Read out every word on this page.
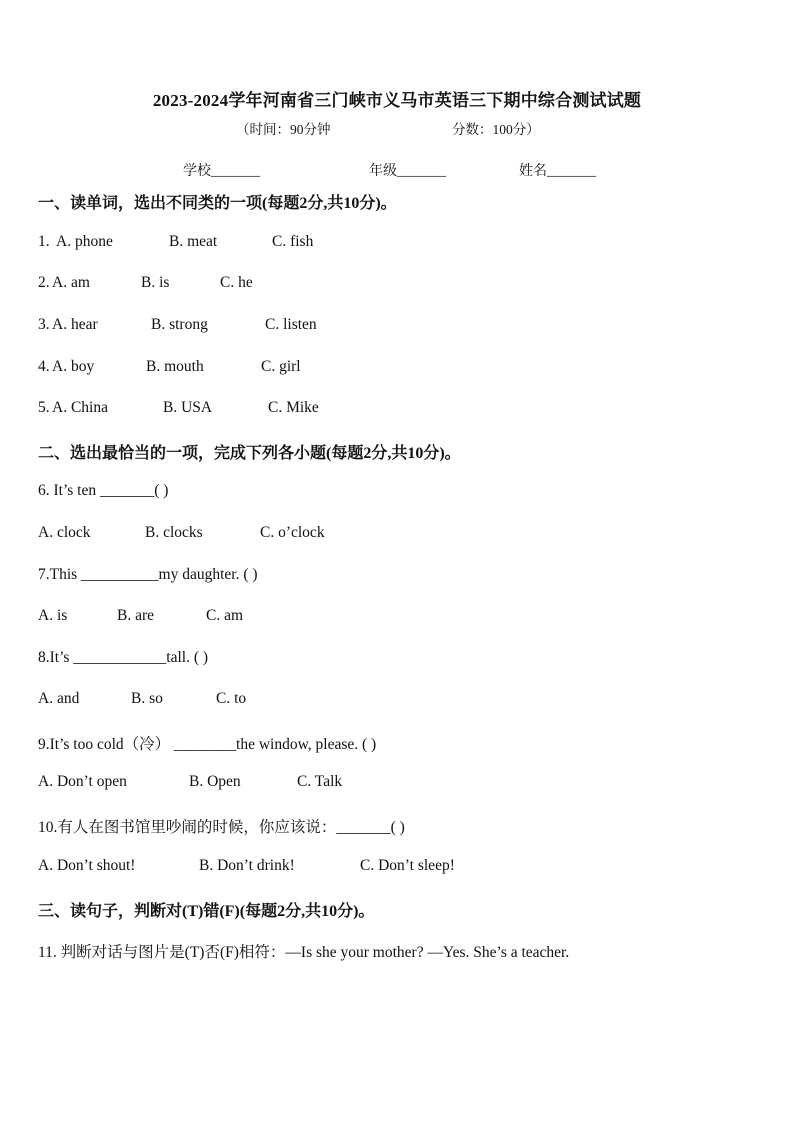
2023-2024学年河南省三门峡市义马市英语三下期中综合测试试题
（时间：90分钟	分数：100分）
学校_______	年级_______	姓名_______
一、读单词，选出不同类的一项(每题2分,共10分)。
1. A. phone	B. meat	C. fish
2. A. am	B. is	C. he
3. A. hear	B. strong	C. listen
4. A. boy	B. mouth	C. girl
5. A. China	B. USA	C. Mike
二、选出最恰当的一项，完成下列各小题(每题2分,共10分)。
6. It’s ten _______( )
A. clock	B. clocks	C. o’clock
7.This __________my daughter. ( )
A. is	B. are	C. am
8.It’s ____________tall. ( )
A. and	B. so	C. to
9.It’s too cold（冷） ________the window, please. ( )
A. Don’t open	B. Open	C. Talk
10.有人在图书馆里吵闹的时候，你应该说：_______( )
A. Don’t shout!	B. Don’t drink!	C. Don’t sleep!
三、读句子，判断对(T)错(F)(每题2分,共10分)。
11. 判断对话与图片是(T)否(F)相符：—Is she your mother? —Yes. She’s a teacher.
